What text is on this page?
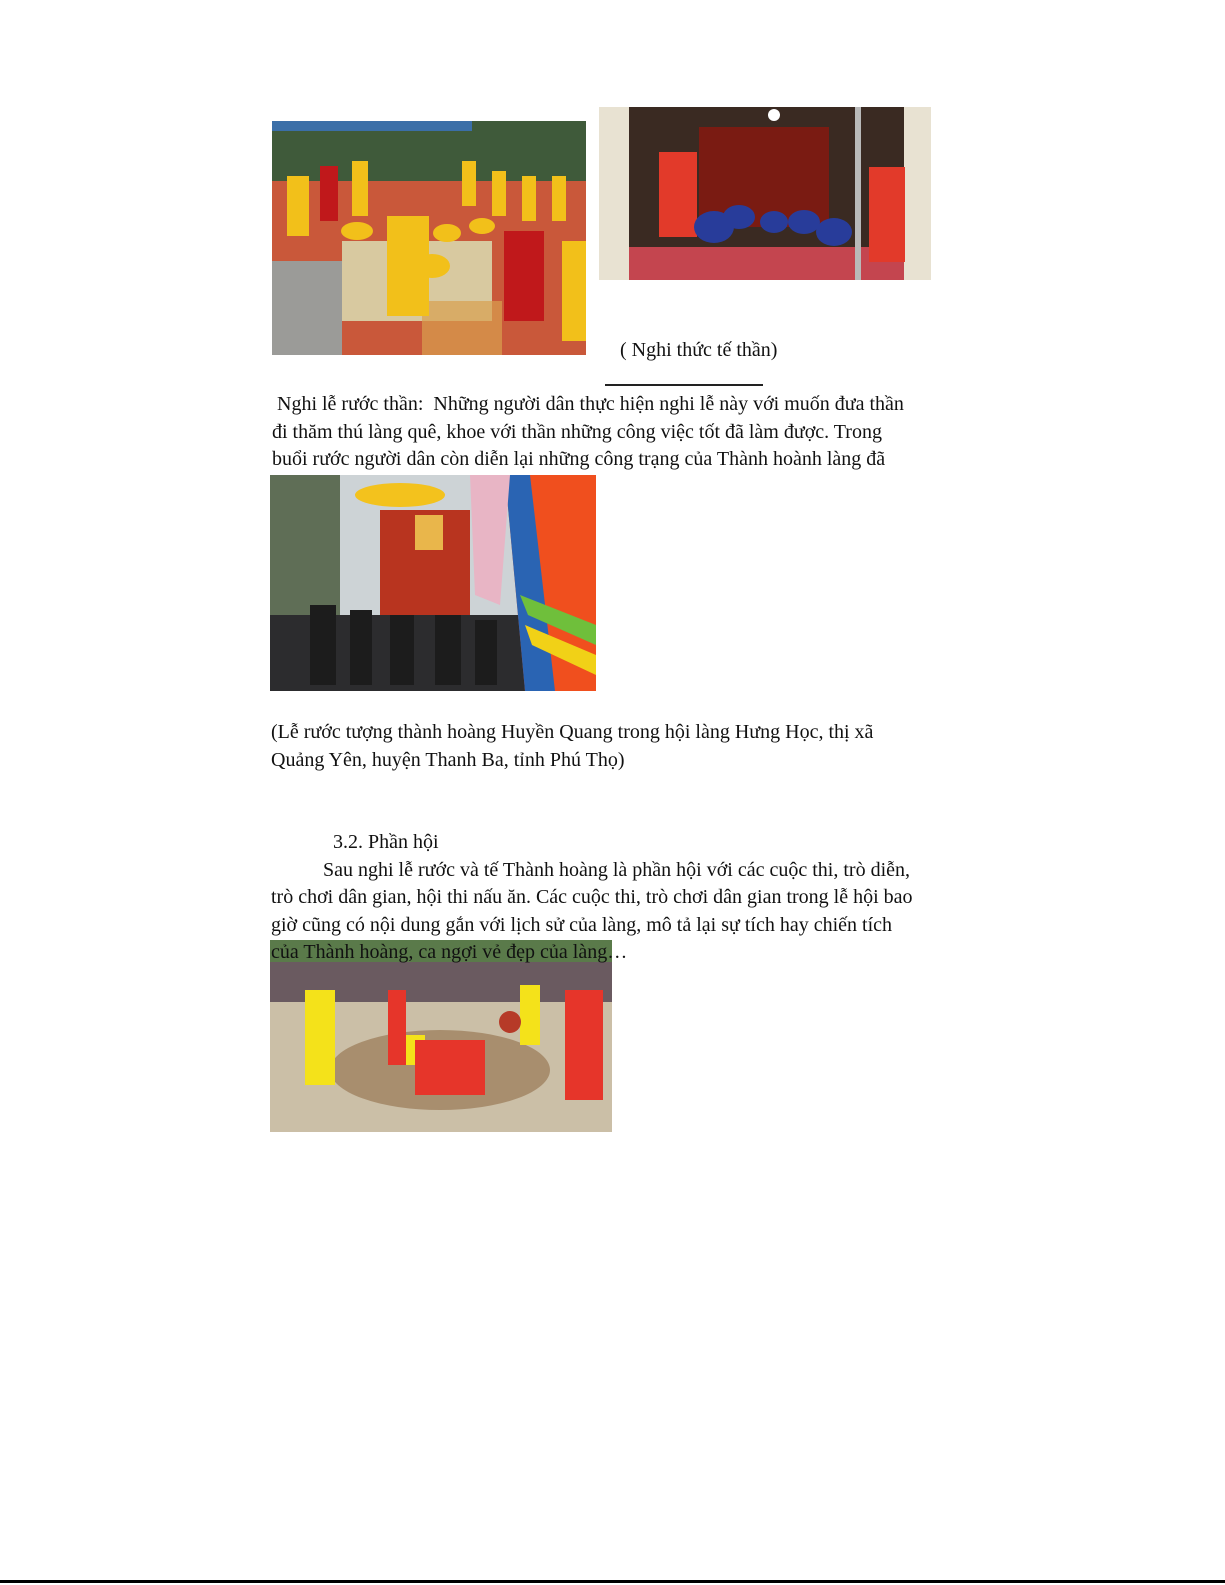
( Nghi thức tế thần)
Nghi lễ rước thần:  Những người dân thực hiện nghi lễ này với muốn đưa thần
đi thăm thú làng quê, khoe với thần những công việc tốt đã làm được. Trong
buổi rước người dân còn diễn lại những công trạng của Thành hoành làng đã
(Lễ rước tượng thành hoàng Huyền Quang trong hội làng Hưng Học, thị xã
Quảng Yên, huyện Thanh Ba, tỉnh Phú Thọ)
3.2. Phần hội
Sau nghi lễ rước và tế Thành hoàng là phần hội với các cuộc thi, trò diễn,
trò chơi dân gian, hội thi nấu ăn. Các cuộc thi, trò chơi dân gian trong lễ hội bao
giờ cũng có nội dung gắn với lịch sử của làng, mô tả lại sự tích hay chiến tích
của Thành hoàng, ca ngợi vẻ đẹp của làng…
